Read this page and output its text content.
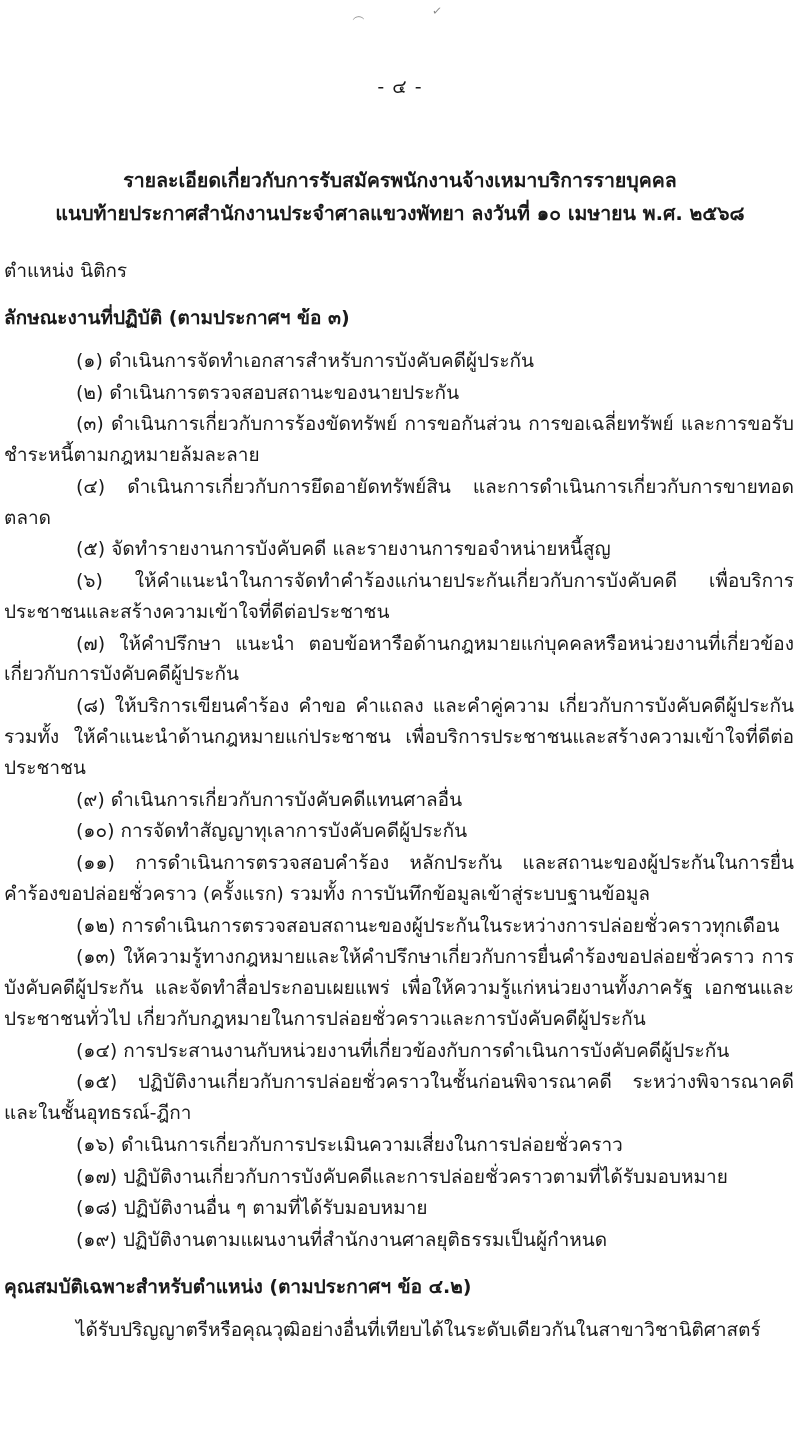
︵	✓
- ๔ -
รายละเอียดเกี่ยวกับการรับสมัครพนักงานจ้างเหมาบริการรายบุคคล
แนบท้ายประกาศสำนักงานประจำศาลแขวงพัทยา ลงวันที่ ๑๐ เมษายน พ.ศ. ๒๕๖๘
ตำแหน่ง นิติกร
ลักษณะงานที่ปฏิบัติ (ตามประกาศฯ ข้อ ๓)

(๑) ดำเนินการจัดทำเอกสารสำหรับการบังคับคดีผู้ประกัน

(๒) ดำเนินการตรวจสอบสถานะของนายประกัน

(๓) ดำเนินการเกี่ยวกับการร้องขัดทรัพย์ การขอกันส่วน การขอเฉลี่ยทรัพย์ และการขอรับชำระหนี้ตามกฎหมายล้มละลาย

(๔) ดำเนินการเกี่ยวกับการยึดอายัดทรัพย์สิน และการดำเนินการเกี่ยวกับการขายทอดตลาด

(๕) จัดทำรายงานการบังคับคดี และรายงานการขอจำหน่ายหนี้สูญ

(๖) ให้คำแนะนำในการจัดทำคำร้องแก่นายประกันเกี่ยวกับการบังคับคดี เพื่อบริการประชาชนและสร้างความเข้าใจที่ดีต่อประชาชน

(๗) ให้คำปรึกษา แนะนำ ตอบข้อหารือด้านกฎหมายแก่บุคคลหรือหน่วยงานที่เกี่ยวข้องเกี่ยวกับการบังคับคดีผู้ประกัน

(๘) ให้บริการเขียนคำร้อง คำขอ คำแถลง และคำคู่ความ เกี่ยวกับการบังคับคดีผู้ประกัน รวมทั้ง ให้คำแนะนำด้านกฎหมายแก่ประชาชน เพื่อบริการประชาชนและสร้างความเข้าใจที่ดีต่อประชาชน

(๙) ดำเนินการเกี่ยวกับการบังคับคดีแทนศาลอื่น

(๑๐) การจัดทำสัญญาทุเลาการบังคับคดีผู้ประกัน

(๑๑) การดำเนินการตรวจสอบคำร้อง หลักประกัน และสถานะของผู้ประกันในการยื่นคำร้องขอปล่อยชั่วคราว (ครั้งแรก) รวมทั้ง การบันทึกข้อมูลเข้าสู่ระบบฐานข้อมูล

(๑๒) การดำเนินการตรวจสอบสถานะของผู้ประกันในระหว่างการปล่อยชั่วคราวทุกเดือน

(๑๓) ให้ความรู้ทางกฎหมายและให้คำปรึกษาเกี่ยวกับการยื่นคำร้องขอปล่อยชั่วคราว การบังคับคดีผู้ประกัน และจัดทำสื่อประกอบเผยแพร่ เพื่อให้ความรู้แก่หน่วยงานทั้งภาครัฐ เอกชนและประชาชนทั่วไป เกี่ยวกับกฎหมายในการปล่อยชั่วคราวและการบังคับคดีผู้ประกัน

(๑๔) การประสานงานกับหน่วยงานที่เกี่ยวข้องกับการดำเนินการบังคับคดีผู้ประกัน

(๑๕) ปฏิบัติงานเกี่ยวกับการปล่อยชั่วคราวในชั้นก่อนพิจารณาคดี ระหว่างพิจารณาคดี และในชั้นอุทธรณ์-ฎีกา

(๑๖) ดำเนินการเกี่ยวกับการประเมินความเสี่ยงในการปล่อยชั่วคราว

(๑๗) ปฏิบัติงานเกี่ยวกับการบังคับคดีและการปล่อยชั่วคราวตามที่ได้รับมอบหมาย

(๑๘) ปฏิบัติงานอื่น ๆ ตามที่ได้รับมอบหมาย

(๑๙) ปฏิบัติงานตามแผนงานที่สำนักงานศาลยุติธรรมเป็นผู้กำหนด

คุณสมบัติเฉพาะสำหรับตำแหน่ง (ตามประกาศฯ ข้อ ๔.๒)

ได้รับปริญญาตรีหรือคุณวุฒิอย่างอื่นที่เทียบได้ในระดับเดียวกันในสาขาวิชานิติศาสตร์
